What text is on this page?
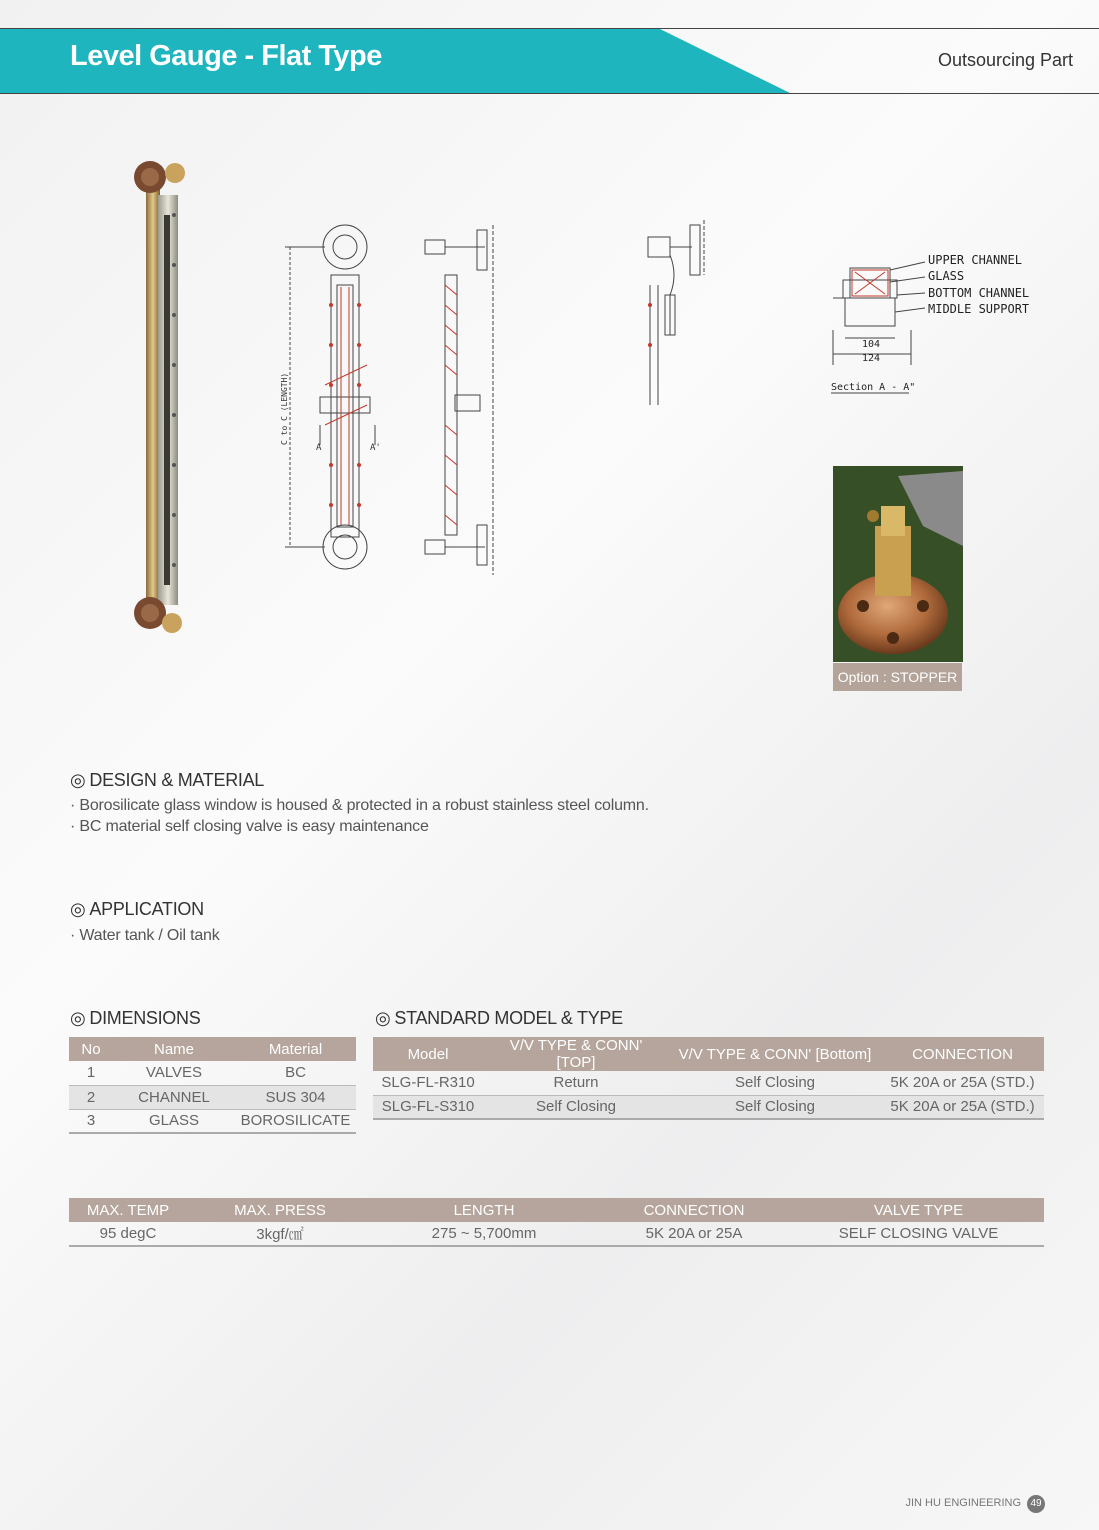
Level Gauge - Flat Type	Outsourcing Part
C to C (LENGTH)
A	A'
UPPER CHANNEL
GLASS
BOTTOM CHANNEL
MIDDLE SUPPORT
104
124
Section A - A"
Option : STOPPER
◎ DESIGN & MATERIAL
· Borosilicate glass window is housed & protected in a robust stainless steel column.
· BC material self closing valve is easy maintenance
◎ APPLICATION
· Water tank / Oil tank
◎ DIMENSIONS
No	Name	Material
1	VALVES	BC
2	CHANNEL	SUS 304
3	GLASS	BOROSILICATE
◎ STANDARD MODEL & TYPE
Model	V/V TYPE & CONN' [TOP]	V/V TYPE & CONN' [Bottom]	CONNECTION
SLG-FL-R310	Return	Self Closing	5K 20A or 25A (STD.)
SLG-FL-S310	Self Closing	Self Closing	5K 20A or 25A (STD.)
MAX. TEMP	MAX. PRESS	LENGTH	CONNECTION	VALVE TYPE
95 degC	3kgf/㎠	275 ~ 5,700mm	5K 20A or 25A	SELF CLOSING VALVE
JIN HU ENGINEERING 49
